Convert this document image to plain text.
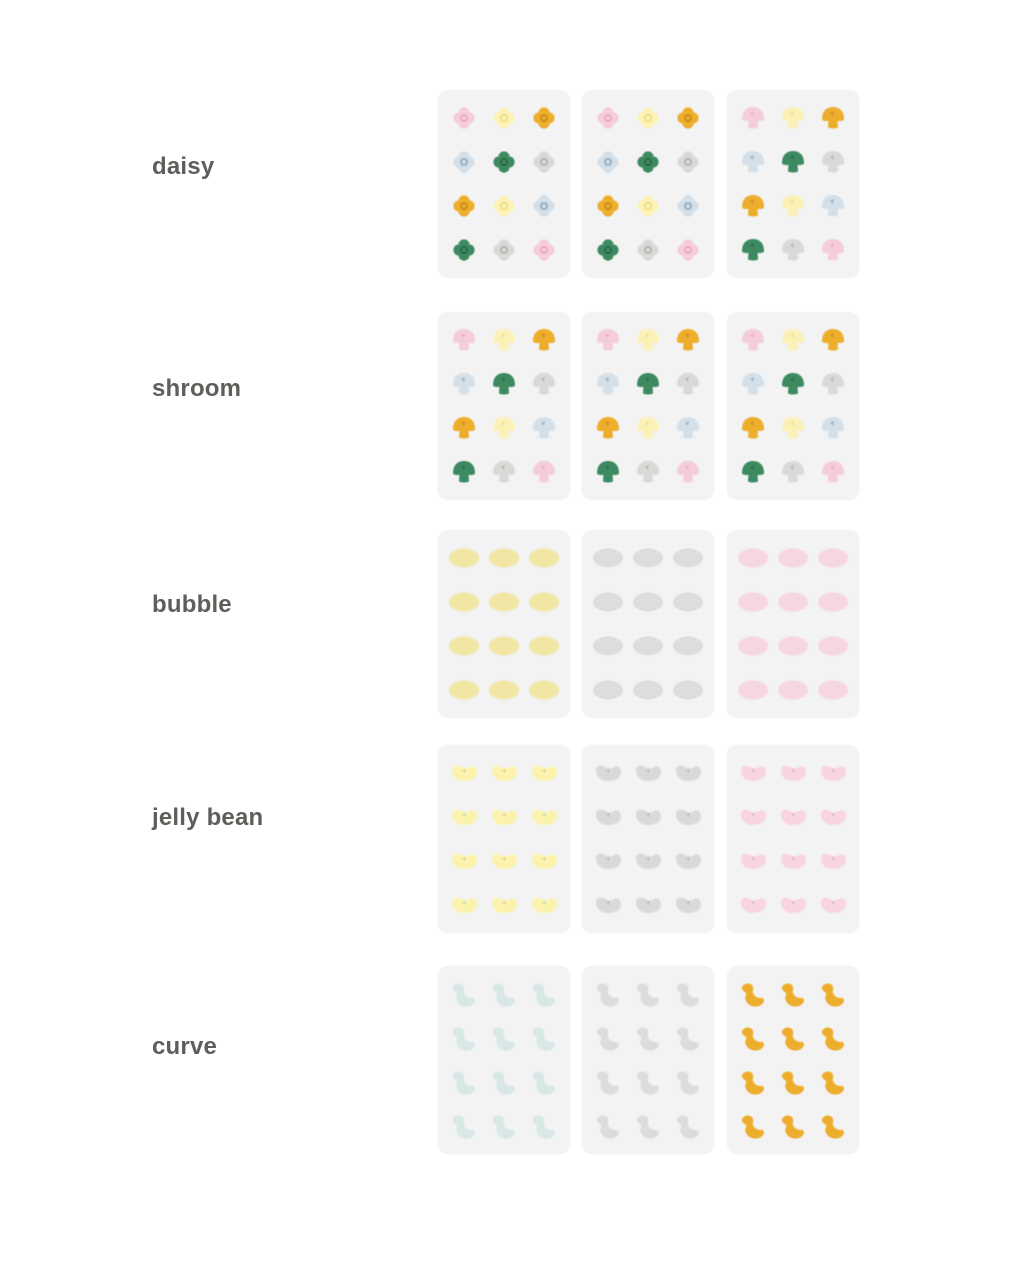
daisy
shroom
bubble
jelly bean
curve
